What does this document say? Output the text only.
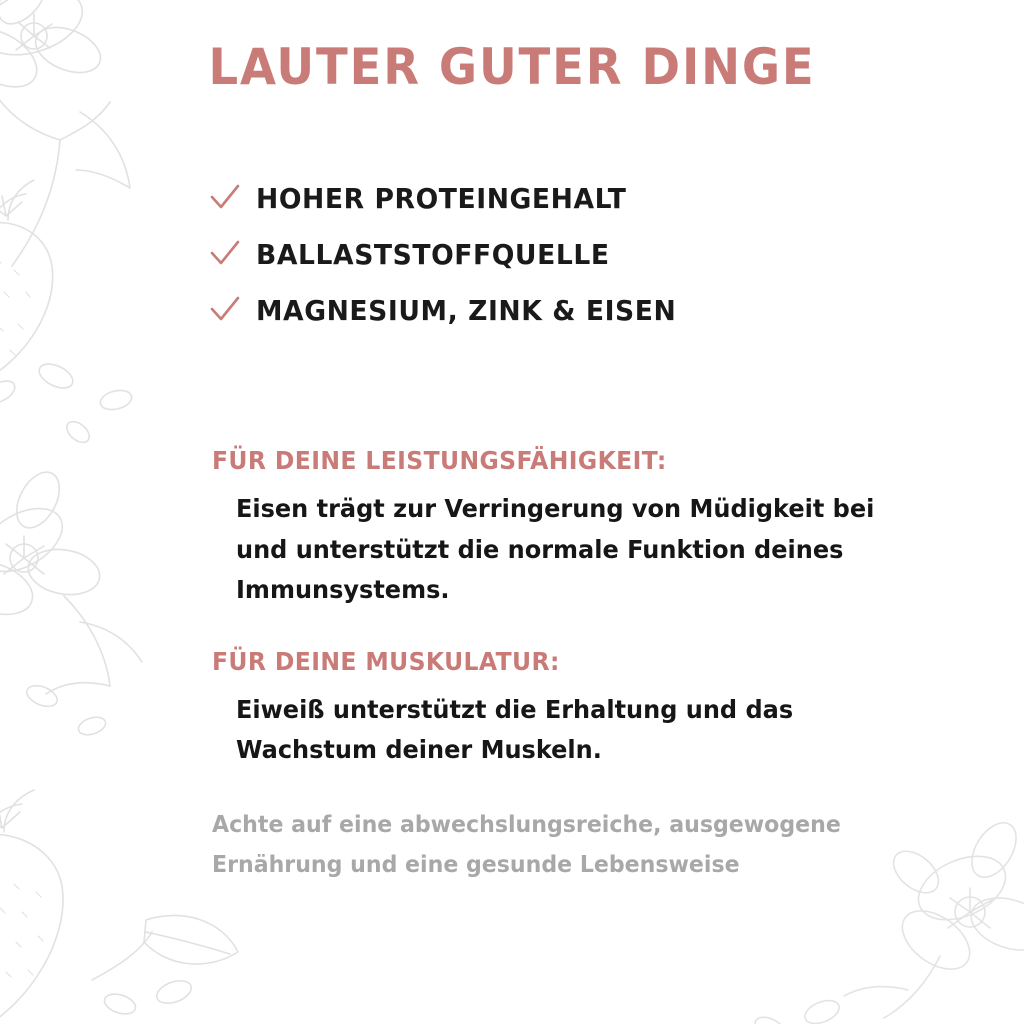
LAUTER GUTER DINGE
HOHER PROTEINGEHALT
BALLASTSTOFFQUELLE
MAGNESIUM, ZINK & EISEN
FÜR DEINE LEISTUNGSFÄHIGKEIT:
Eisen trägt zur Verringerung von Müdigkeit bei und unterstützt die normale Funktion deines Immunsystems.
FÜR DEINE MUSKULATUR:
Eiweiß unterstützt die Erhaltung und das Wachstum deiner Muskeln.
Achte auf eine abwechslungsreiche, ausgewogene Ernährung und eine gesunde Lebensweise
